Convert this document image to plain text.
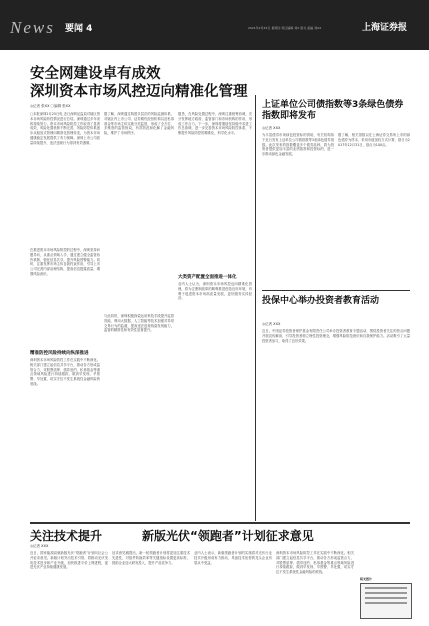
News 要闻 4	2021年2月25日 星期四 责任编辑 刘X 版式 美编 刘XX	上海证券报
安全网建设卓有成效
深圳资本市场风控迈向精准化管理
◎记者 张XX 〇编辑 张XX
□本报深圳2月25日电 近日深圳证监局对辖区资本市场风险防控情况进行总结。深圳通过多年来的持续努力，资本市场风险防控工作取得了显著成效，风险处置机制不断完善，风险防控体系逐步从粗放式管理向精准化管理转变，为资本市场健康稳定发展提供了有力保障。深圳上市公司质量持续提升，违法违规行为得到有效遏制。
在推进资本市场风险防控的过程中，深圳坚持问题导向，从重点领域入手，通过建立健全监管协作机制，强化信息共享，提升风险预警能力。同时，注重发挥市场主体自我约束作用，引导上市公司完善内部治理结构，提高信息披露质量，增强风险意识。
精准防控风险持续向纵深推进
深圳资本市场风险防控工作在实践中不断深化。相关部门建立起信息共享平台，推动各方形成监管合力，对股票质押、债券违约、私募基金等重点领域风险进行持续跟踪，做到早发现、早预警、早处置，切实守住不发生系统性金融风险的底线。
据了解，深圳通过构建多层次的风险监测体系，对辖区内上市公司、证券期货经营机构以及私募基金等市场主体实施分类监管，形成了全方位、多维度的监管格局，有效防范和化解了金融风险，维护了市场秩序。
与此同时，深圳积极探索运用科技手段提升监管效能，利用大数据、人工智能等技术加强对异常交易行为的监测，提高违法违规线索发现能力，监管的精准性和有效性显著提升。
据悉，在风险处置过程中，深圳注重统筹协调，充分发挥地方政府、监管部门和市场机构的作用，形成工作合力。下一步，深圳将继续坚持稳中求进工作总基调，进一步完善资本市场风险防控体系，不断提升风险防控的精准化、科学化水平。
大类资产配置全面推进一体化
业内人士认为，深圳资本市场风控迈向精准化管理，将为注册制改革的顺利推进创造良好环境，有利于促进资本市场高质量发展，更好服务实体经济。
上证单位公司债指数等3条绿色债券指数即将发布
◎记者 XXX
为丰富债券市场绿色投资标的供给，有关机构拟于近日发布上证单位公司债指数等3条绿色债券指数。此次发布的指数覆盖多个债券品种，将为投资者提供更加丰富的业绩基准和投资标的，进一步推动绿色金融发展。
据了解，相关指数以在上海证券交易所上市的绿色债券为样本，采用市值加权方式计算，基日为2017年12月31日，基点为100点。
投保中心举办投资者教育活动
◎记者 XXX
近日，中国证券投资者保护基金有限责任公司举办投资者教育专题活动，围绕投资者关注的热点问题开展宣传解读，引导投资者树立理性投资理念，增强风险防范意识和自我保护能力。活动吸引了大量投资者参与，取得了良好效果。
关注技术提升	新版光伏“领跑者”计划征求意见
◎记者 XXX
近日，国家能源局就新版光伏“领跑者”计划向社会公开征求意见。新版计划突出技术引领，将推动光伏发电技术进步和产业升级，加快推进平价上网进程，促进光伏产业持续健康发展。
征求意见稿提出，新一轮领跑者计划将更加注重技术先进性，对组件转换效率等关键指标设置更高标准，鼓励企业加大研发投入，提升产品竞争力。
业内人士表示，新版领跑者计划的实施将对光伏行业技术升级形成有力推动，具备技术优势的龙头企业有望从中受益。
深圳资本市场风险防控工作在实践中不断深化。相关部门建立起信息共享平台，推动各方形成监管合力，对股票质押、债券违约、私募基金等重点领域风险进行持续跟踪，做到早发现、早预警、早处置，切实守住不发生系统性金融风险的底线。
相关图片
